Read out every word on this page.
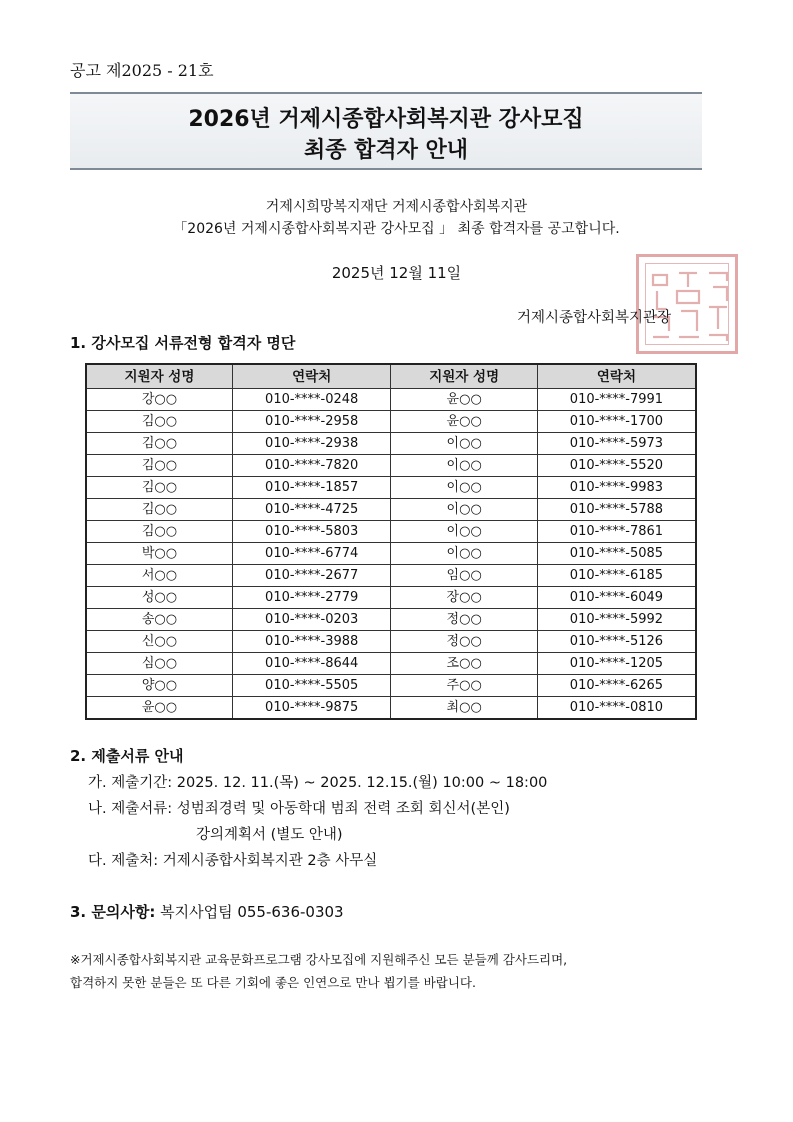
공고 제2025 - 21호
2026년 거제시종합사회복지관 강사모집
최종 합격자 안내
거제시희망복지재단 거제시종합사회복지관
「2026년 거제시종합사회복지관 강사모집 」 최종 합격자를 공고합니다.
2025년 12월 11일
거제시종합사회복지관장
1. 강사모집 서류전형 합격자 명단
지원자 성명	연락처	지원자 성명	연락처
강○○	010-****-0248	윤○○	010-****-7991
김○○	010-****-2958	윤○○	010-****-1700
김○○	010-****-2938	이○○	010-****-5973
김○○	010-****-7820	이○○	010-****-5520
김○○	010-****-1857	이○○	010-****-9983
김○○	010-****-4725	이○○	010-****-5788
김○○	010-****-5803	이○○	010-****-7861
박○○	010-****-6774	이○○	010-****-5085
서○○	010-****-2677	임○○	010-****-6185
성○○	010-****-2779	장○○	010-****-6049
송○○	010-****-0203	정○○	010-****-5992
신○○	010-****-3988	정○○	010-****-5126
심○○	010-****-8644	조○○	010-****-1205
양○○	010-****-5505	주○○	010-****-6265
윤○○	010-****-9875	최○○	010-****-0810
2. 제출서류 안내
가. 제출기간: 2025. 12. 11.(목) ~ 2025. 12.15.(월) 10:00 ~ 18:00
나. 제출서류: 성범죄경력 및 아동학대 범죄 전력 조회 회신서(본인)
강의계획서 (별도 안내)
다. 제출처: 거제시종합사회복지관 2층 사무실
3. 문의사항: 복지사업팀 055-636-0303
※거제시종합사회복지관 교육문화프로그램 강사모집에 지원해주신 모든 분들께 감사드리며,
합격하지 못한 분들은 또 다른 기회에 좋은 인연으로 만나 뵙기를 바랍니다.
